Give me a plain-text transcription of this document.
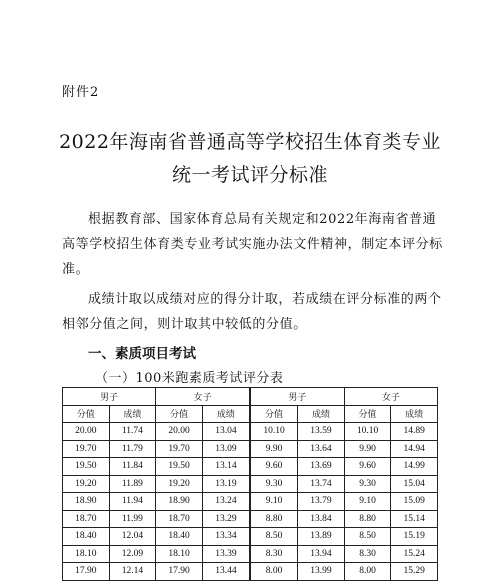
附件2
2022年海南省普通高等学校招生体育类专业
统一考试评分标准

根据教育部、国家体育总局有关规定和2022年海南省普通高等学校招生体育类专业考试实施办法文件精神，制定本评分标准。

成绩计取以成绩对应的得分计取，若成绩在评分标准的两个相邻分值之间，则计取其中较低的分值。

一、素质项目考试
（一）100米跑素质考试评分表
男子		女子		男子		女子	
分值	成绩	分值	成绩	分值	成绩	分值	成绩
20.00	11.74	20.00	13.04	10.10	13.59	10.10	14.89
19.70	11.79	19.70	13.09	9.90	13.64	9.90	14.94
19.50	11.84	19.50	13.14	9.60	13.69	9.60	14.99
19.20	11.89	19.20	13.19	9.30	13.74	9.30	15.04
18.90	11.94	18.90	13.24	9.10	13.79	9.10	15.09
18.70	11.99	18.70	13.29	8.80	13.84	8.80	15.14
18.40	12.04	18.40	13.34	8.50	13.89	8.50	15.19
18.10	12.09	18.10	13.39	8.30	13.94	8.30	15.24
17.90	12.14	17.90	13.44	8.00	13.99	8.00	15.29
